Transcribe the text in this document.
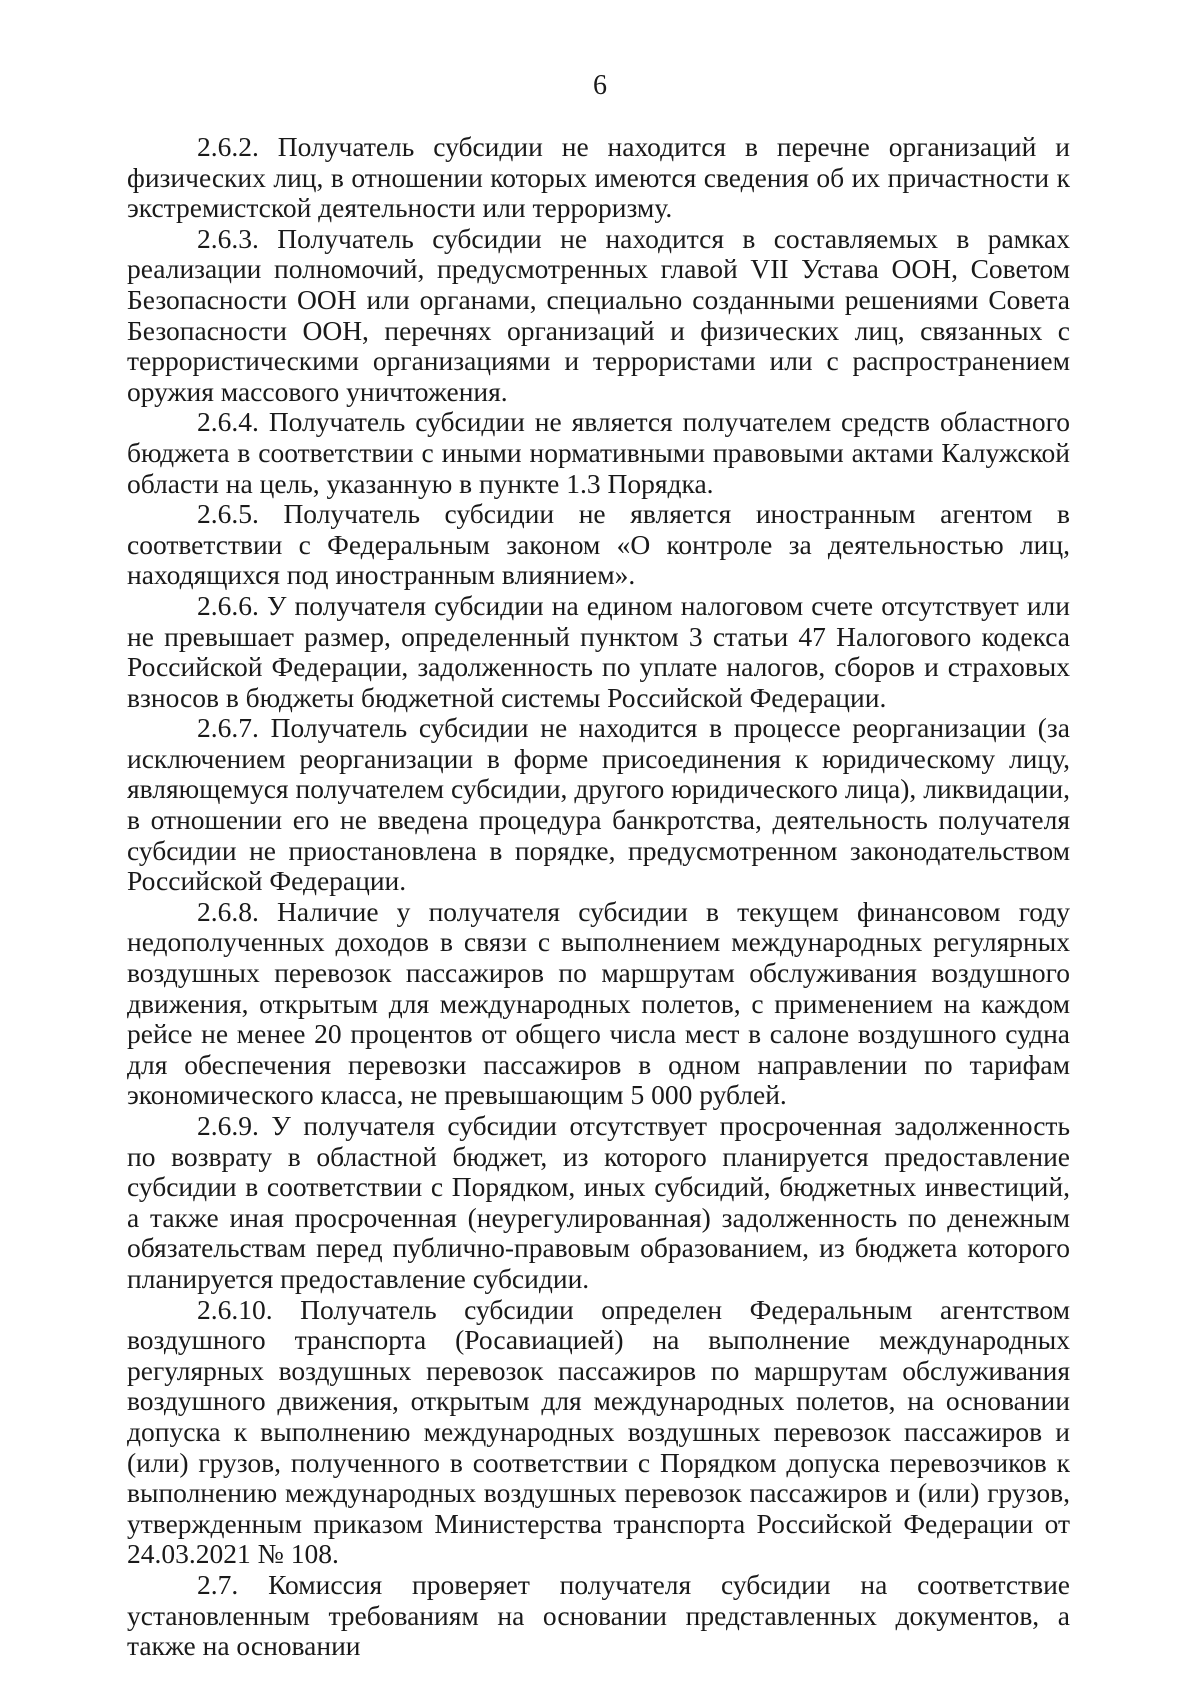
6

2.6.2. Получатель субсидии не находится в перечне организаций и физических лиц, в отношении которых имеются сведения об их причастности к экстремистской деятельности или терроризму.

2.6.3. Получатель субсидии не находится в составляемых в рамках реализации полномочий, предусмотренных главой VII Устава ООН, Советом Безопасности ООН или органами, специально созданными решениями Совета Безопасности ООН, перечнях организаций и физических лиц, связанных с террористическими организациями и террористами или с распространением оружия массового уничтожения.

2.6.4. Получатель субсидии не является получателем средств областного бюджета в соответствии с иными нормативными правовыми актами Калужской области на цель, указанную в пункте 1.3 Порядка.

2.6.5. Получатель субсидии не является иностранным агентом в соответствии с Федеральным законом «О контроле за деятельностью лиц, находящихся под иностранным влиянием».

2.6.6. У получателя субсидии на едином налоговом счете отсутствует или не превышает размер, определенный пунктом 3 статьи 47 Налогового кодекса Российской Федерации, задолженность по уплате налогов, сборов и страховых взносов в бюджеты бюджетной системы Российской Федерации.

2.6.7. Получатель субсидии не находится в процессе реорганизации (за исключением реорганизации в форме присоединения к юридическому лицу, являющемуся получателем субсидии, другого юридического лица), ликвидации, в отношении его не введена процедура банкротства, деятельность получателя субсидии не приостановлена в порядке, предусмотренном законодательством Российской Федерации.

2.6.8. Наличие у получателя субсидии в текущем финансовом году недополученных доходов в связи с выполнением международных регулярных воздушных перевозок пассажиров по маршрутам обслуживания воздушного движения, открытым для международных полетов, с применением на каждом рейсе не менее 20 процентов от общего числа мест в салоне воздушного судна для обеспечения перевозки пассажиров в одном направлении по тарифам экономического класса, не превышающим 5 000 рублей.

2.6.9. У получателя субсидии отсутствует просроченная задолженность по возврату в областной бюджет, из которого планируется предоставление субсидии в соответствии с Порядком, иных субсидий, бюджетных инвестиций, а также иная просроченная (неурегулированная) задолженность по денежным обязательствам перед публично-правовым образованием, из бюджета которого планируется предоставление субсидии.

2.6.10. Получатель субсидии определен Федеральным агентством воздушного транспорта (Росавиацией) на выполнение международных регулярных воздушных перевозок пассажиров по маршрутам обслуживания воздушного движения, открытым для международных полетов, на основании допуска к выполнению международных воздушных перевозок пассажиров и (или) грузов, полученного в соответствии с Порядком допуска перевозчиков к выполнению международных воздушных перевозок пассажиров и (или) грузов, утвержденным приказом Министерства транспорта Российской Федерации от 24.03.2021 № 108.

2.7. Комиссия проверяет получателя субсидии на соответствие установленным требованиям на основании представленных документов, а также на основании
